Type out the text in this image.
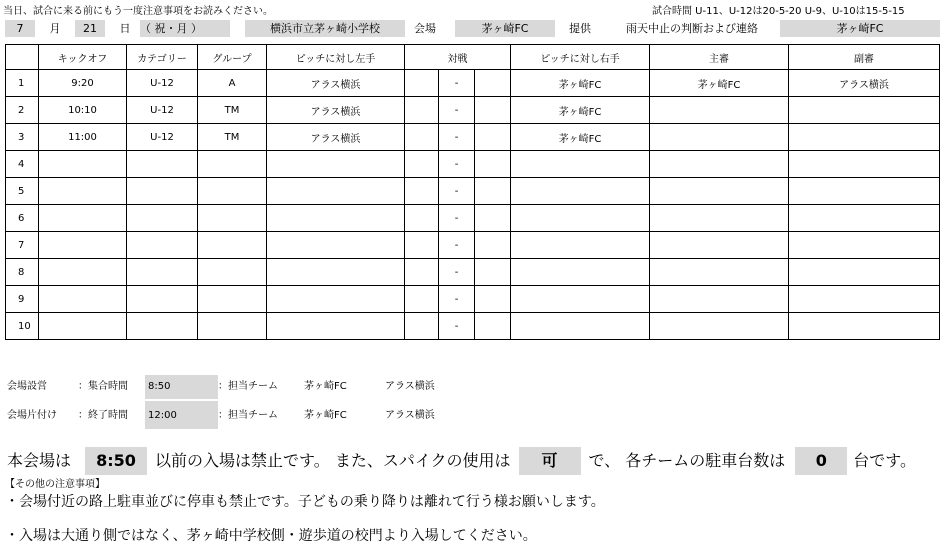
当日、試合に来る前にもう一度注意事項をお読みください。	試合時間 U-11、U-12は20-5-20 U-9、U-10は15-5-15
7	月	21	日 （ 祝・月 ）	横浜市立茅ヶ崎小学校	会場	茅ヶ崎FC	提供	雨天中止の判断および連絡	茅ヶ崎FC
	キックオフ	カテゴリー	グループ	ピッチに対し左手	対戦			ピッチに対し右手	主審	副審
1	9:20	U-12	A	アラス横浜		-		茅ヶ崎FC	茅ヶ崎FC	アラス横浜
2	10:10	U-12	TM	アラス横浜		-		茅ヶ崎FC		
3	11:00	U-12	TM	アラス横浜		-		茅ヶ崎FC		
4						-				
5						-				
6						-				
7						-				
8						-				
9						-				
10						-				
会場設営	：集合時間	8:50	：担当チーム	茅ヶ崎FC	アラス横浜
会場片付け ：終了時間	12:00	：担当チーム	茅ヶ崎FC	アラス横浜
本会場は 8:50 以前の入場は禁止です。 また、スパイクの使用は 可 で、 各チームの駐車台数は 0 台です。
【その他の注意事項】
・会場付近の路上駐車並びに停車も禁止です。子どもの乗り降りは離れて行う様お願いします。
・入場は大通り側ではなく、茅ヶ崎中学校側・遊歩道の校門より入場してください。
